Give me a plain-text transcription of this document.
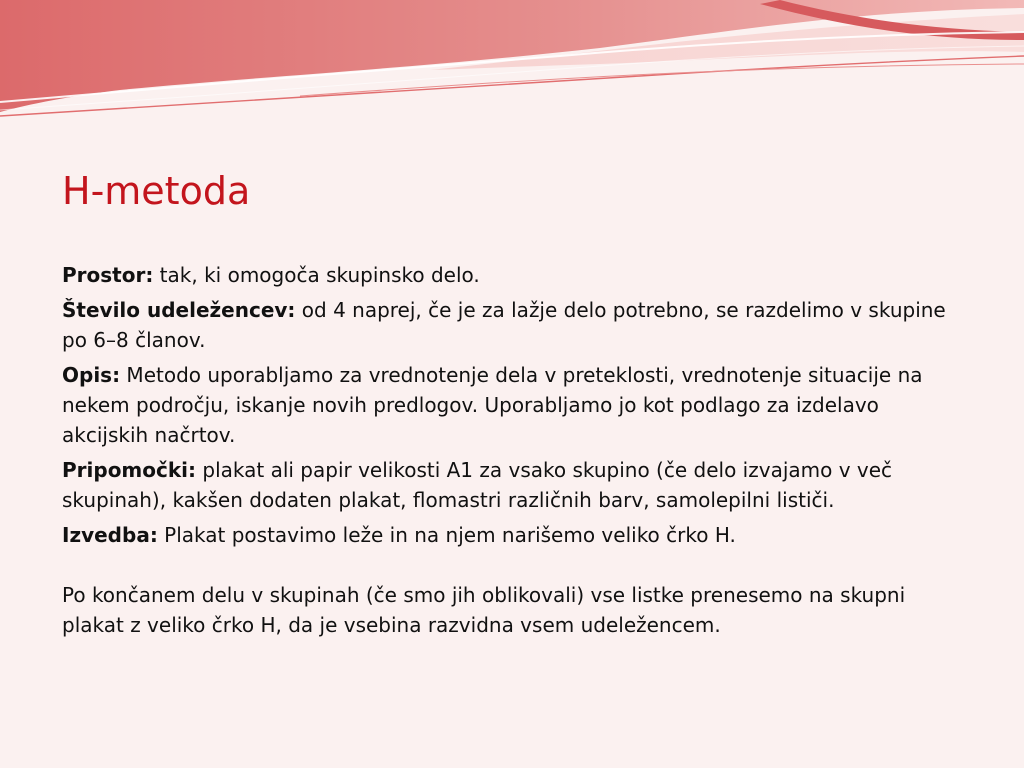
H-metoda

Prostor: tak, ki omogoča skupinsko delo.

Število udeležencev: od 4 naprej, če je za lažje delo potrebno, se razdelimo v skupine po 6–8 članov.

Opis: Metodo uporabljamo za vrednotenje dela v preteklosti, vrednotenje situacije na nekem področju, iskanje novih predlogov. Uporabljamo jo kot podlago za izdelavo akcijskih načrtov.

Pripomočki: plakat ali papir velikosti A1 za vsako skupino (če delo izvajamo v več skupinah), kakšen dodaten plakat, flomastri različnih barv, samolepilni lističi.

Izvedba: Plakat postavimo leže in na njem narišemo veliko črko H.

Po končanem delu v skupinah (če smo jih oblikovali) vse listke prenesemo na skupni plakat z veliko črko H, da je vsebina razvidna vsem udeležencem.
